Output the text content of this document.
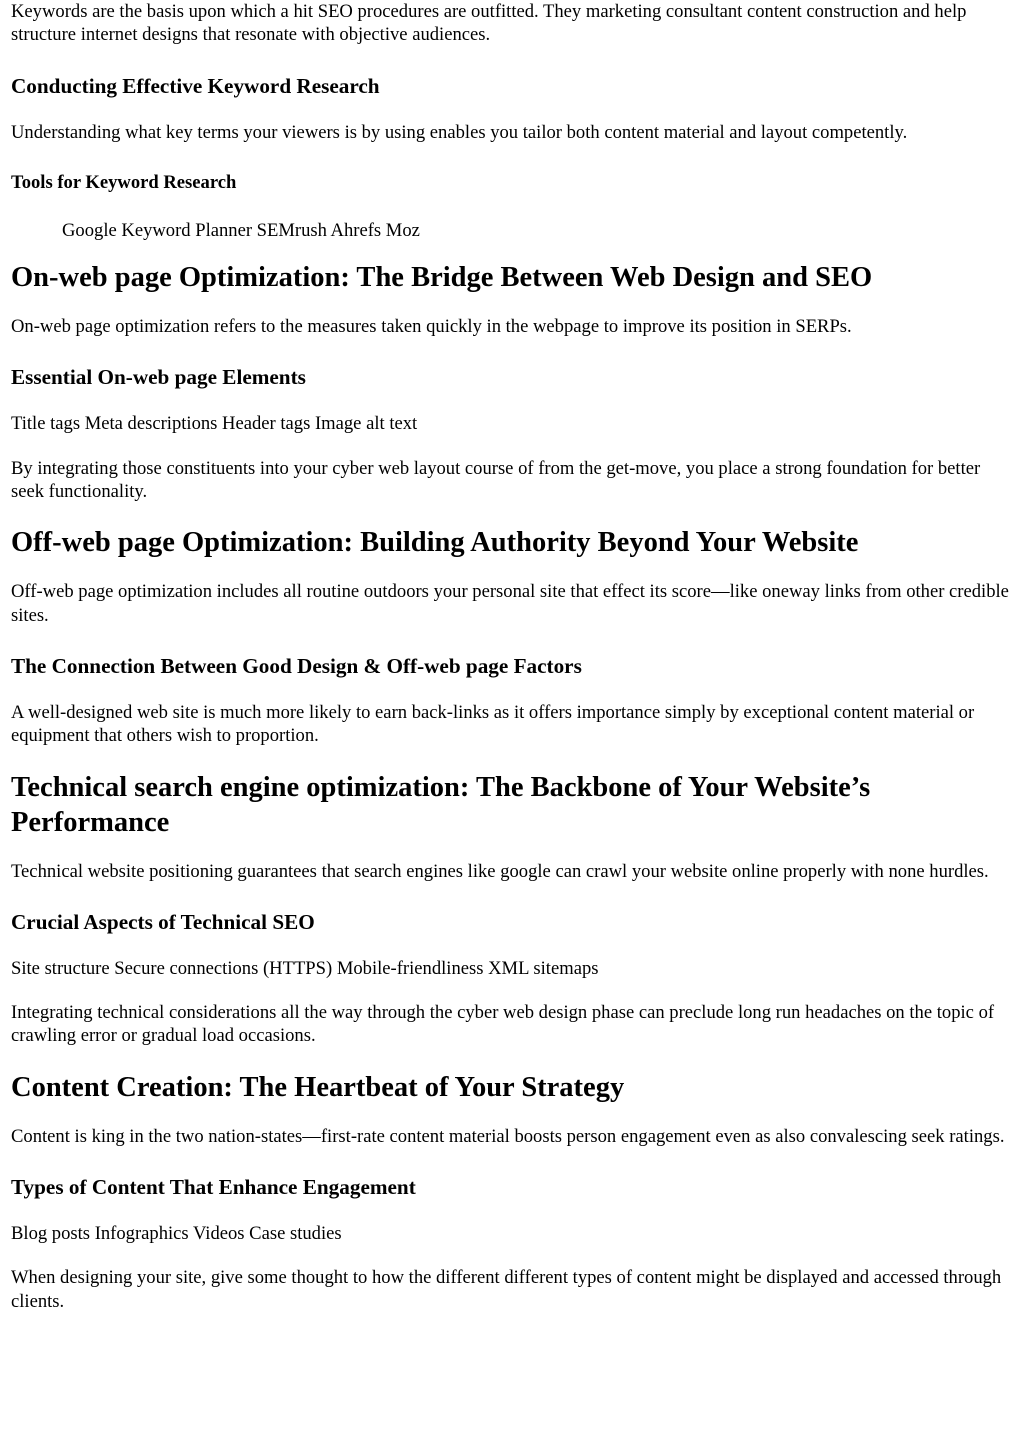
Keywords are the basis upon which a hit SEO procedures are outfitted. They marketing consultant content construction and help structure internet designs that resonate with objective audiences.

Conducting Effective Keyword Research

Understanding what key terms your viewers is by using enables you tailor both content material and layout competently.

Tools for Keyword Research

Google Keyword Planner SEMrush Ahrefs Moz

On-web page Optimization: The Bridge Between Web Design and SEO

On-web page optimization refers to the measures taken quickly in the webpage to improve its position in SERPs.

Essential On-web page Elements

Title tags Meta descriptions Header tags Image alt text

By integrating those constituents into your cyber web layout course of from the get-move, you place a strong foundation for better seek functionality.

Off-web page Optimization: Building Authority Beyond Your Website

Off-web page optimization includes all routine outdoors your personal site that effect its score—like oneway links from other credible sites.

The Connection Between Good Design & Off-web page Factors

A well-designed web site is much more likely to earn back-links as it offers importance simply by exceptional content material or equipment that others wish to proportion.

Technical search engine optimization: The Backbone of Your Website’s Performance

Technical website positioning guarantees that search engines like google can crawl your website online properly with none hurdles.

Crucial Aspects of Technical SEO

Site structure Secure connections (HTTPS) Mobile-friendliness XML sitemaps

Integrating technical considerations all the way through the cyber web design phase can preclude long run headaches on the topic of crawling error or gradual load occasions.

Content Creation: The Heartbeat of Your Strategy

Content is king in the two nation-states—first-rate content material boosts person engagement even as also convalescing seek ratings.

Types of Content That Enhance Engagement

Blog posts Infographics Videos Case studies

When designing your site, give some thought to how the different different types of content might be displayed and accessed through clients.
